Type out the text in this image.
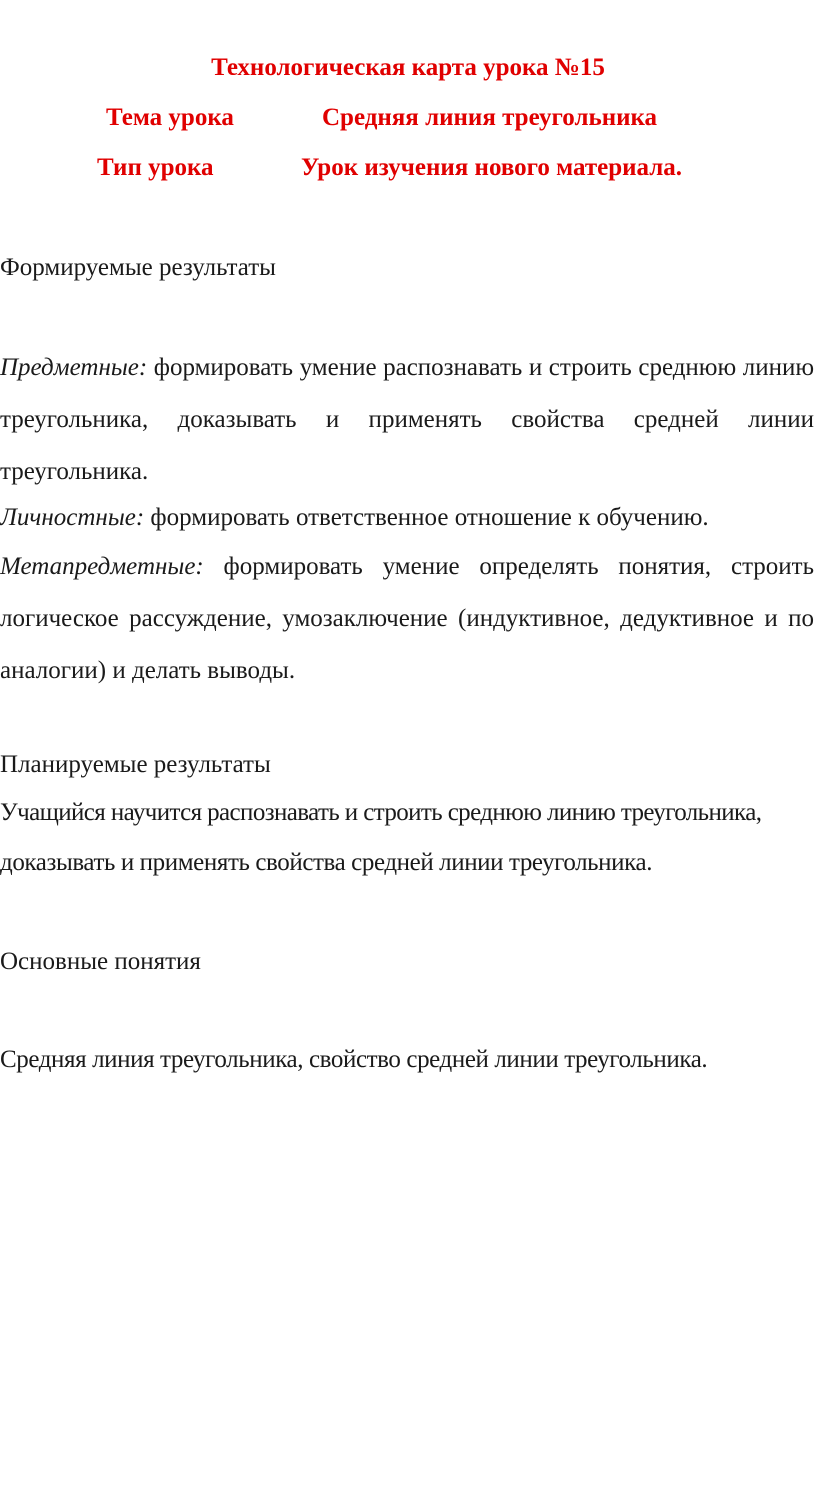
Технологическая карта урока №15
Тема урока	Средняя линия треугольника
Тип урока	Урок изучения нового материала.
Формируемые результаты
Предметные: формировать умение распознавать и строить среднюю линию треугольника, доказывать и применять свойства средней линии треугольника.
Личностные: формировать ответственное отношение к обучению.
Метапредметные: формировать умение определять понятия, строить логическое рассуждение, умозаключение (индуктивное, дедуктивное и по аналогии) и делать выводы.
Планируемые результаты
Учащийся научится распознавать и строить среднюю линию треугольника,
доказывать и применять свойства средней линии треугольника.
Основные понятия
Средняя линия треугольника, свойство средней линии треугольника.
